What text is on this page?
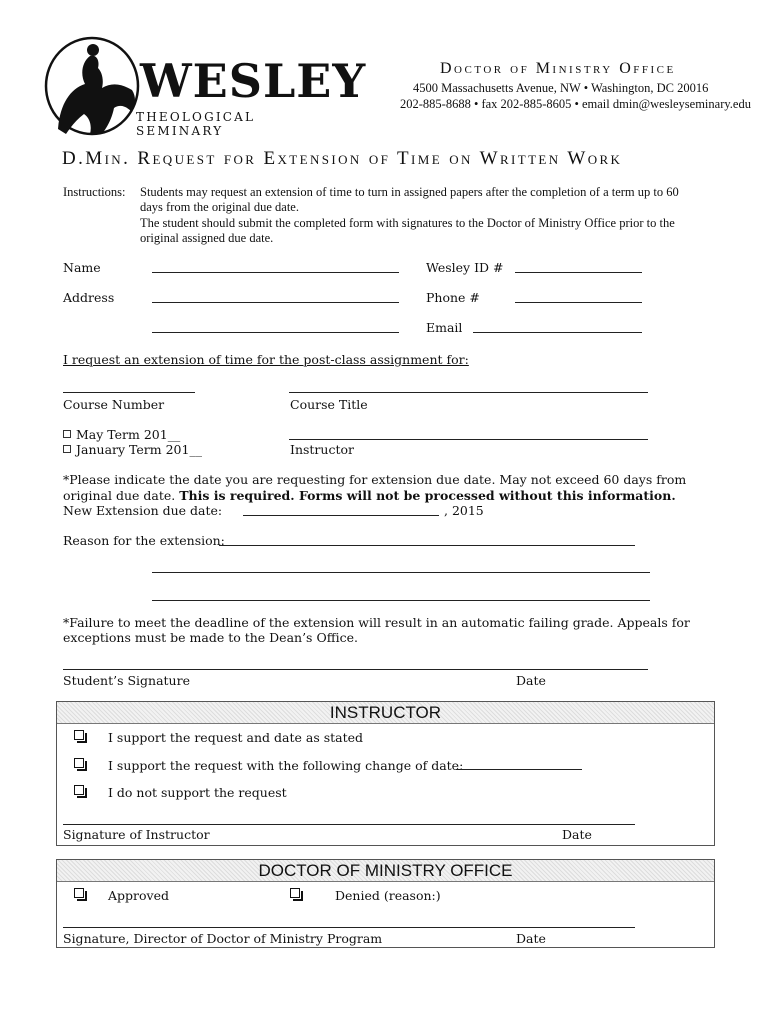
WESLEY
THEOLOGICAL SEMINARY
Doctor of Ministry Office
4500 Massachusetts Avenue, NW • Washington, DC 20016
202-885-8688 • fax 202-885-8605 • email dmin@wesleyseminary.edu
D.Min. Request for Extension of Time on Written Work
Instructions: Students may request an extension of time to turn in assigned papers after the completion of a term up to 60
days from the original due date.
The student should submit the completed form with signatures to the Doctor of Ministry Office prior to the
original assigned due date.
Name	Wesley ID #
Address	Phone #
Email
I request an extension of time for the post-class assignment for:
Course Number	Course Title
May Term 201__
January Term 201__	Instructor
*Please indicate the date you are requesting for extension due date. May not exceed 60 days from
original due date. This is required. Forms will not be processed without this information.
New Extension due date:	, 2015
Reason for the extension:
*Failure to meet the deadline of the extension will result in an automatic failing grade. Appeals for
exceptions must be made to the Dean’s Office.
Student’s Signature	Date
INSTRUCTOR
I support the request and date as stated
I support the request with the following change of date:
I do not support the request
Signature of Instructor	Date
DOCTOR OF MINISTRY OFFICE
Approved	Denied (reason:)
Signature, Director of Doctor of Ministry Program	Date
